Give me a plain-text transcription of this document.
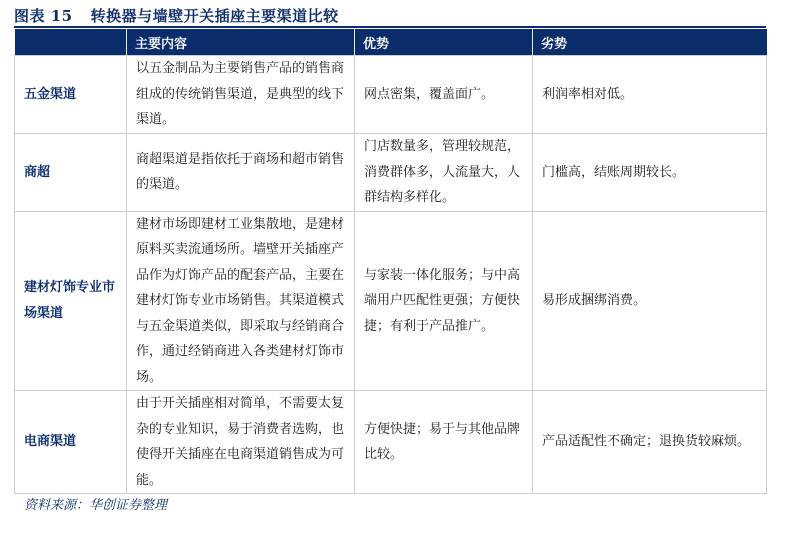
图表 15 转换器与墙壁开关插座主要渠道比较
	主要内容	优势	劣势
五金渠道	以五金制品为主要销售产品的销售商组成的传统销售渠道，是典型的线下渠道。	网点密集，覆盖面广。	利润率相对低。
商超	商超渠道是指依托于商场和超市销售的渠道。	门店数量多，管理较规范，消费群体多，人流量大，人群结构多样化。	门槛高，结账周期较长。
建材灯饰专业市场渠道	建材市场即建材工业集散地，是建材原料买卖流通场所。墙壁开关插座产品作为灯饰产品的配套产品，主要在建材灯饰专业市场销售。其渠道模式与五金渠道类似，即采取与经销商合作，通过经销商进入各类建材灯饰市场。	与家装一体化服务；与中高端用户匹配性更强；方便快捷；有利于产品推广。	易形成捆绑消费。
电商渠道	由于开关插座相对简单，不需要太复杂的专业知识，易于消费者选购，也使得开关插座在电商渠道销售成为可能。	方便快捷；易于与其他品牌比较。	产品适配性不确定；退换货较麻烦。
资料来源：华创证券整理
